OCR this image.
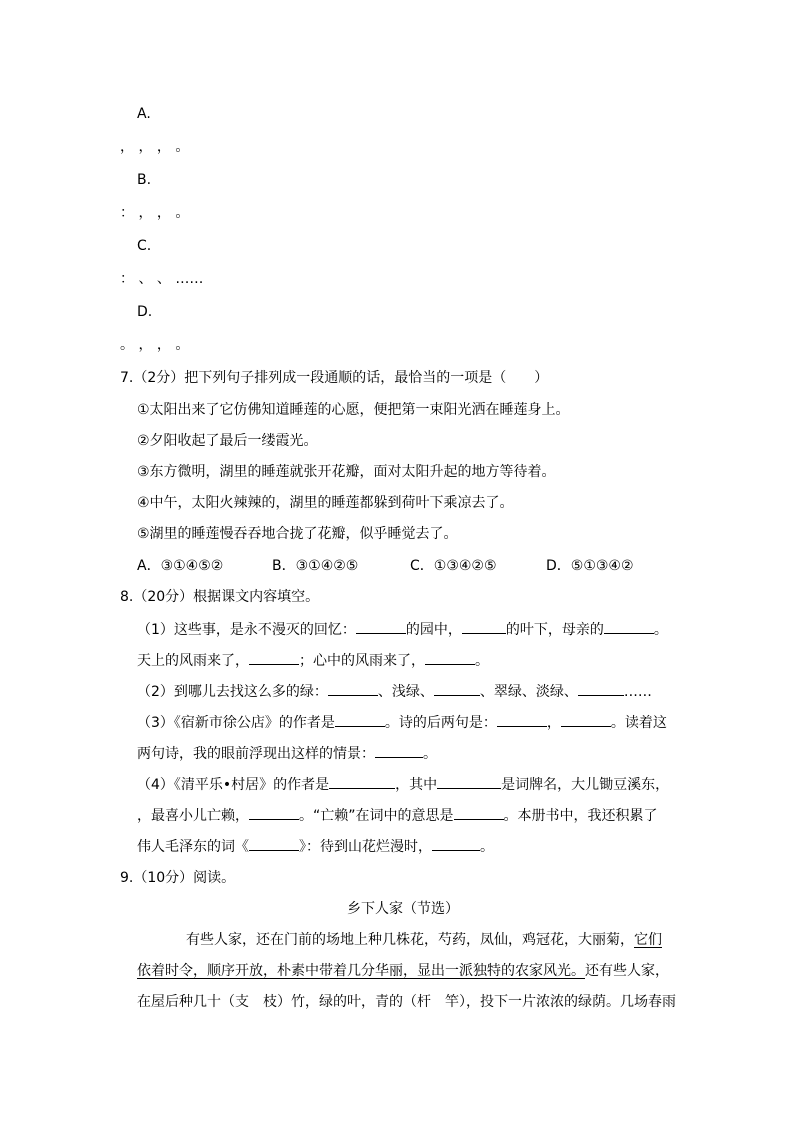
A.
， ， ， 。
B.
： ， ， 。
C.
： 、 、 ……
D.
。 ， ， 。
7.（2分）把下列句子排列成一段通顺的话，最恰当的一项是（　　）
①太阳出来了它仿佛知道睡莲的心愿，便把第一束阳光洒在睡莲身上。
②夕阳收起了最后一缕霞光。
③东方微明，湖里的睡莲就张开花瓣，面对太阳升起的地方等待着。
④中午，太阳火辣辣的，湖里的睡莲都躲到荷叶下乘凉去了。
⑤湖里的睡莲慢吞吞地合拢了花瓣，似乎睡觉去了。
A．③①④⑤②	B．③①④②⑤	C．①③④②⑤	D．⑤①③④②
8.（20分）根据课文内容填空。
（1）这些事，是永不漫灭的回忆：	的园中，	的叶下，母亲的	。
天上的风雨来了，	；心中的风雨来了，	。
（2）到哪儿去找这么多的绿：	、浅绿、	、翠绿、淡绿、	……
（3）《宿新市徐公店》的作者是	。诗的后两句是：	，	。读着这
两句诗，我的眼前浮现出这样的情景：	。
（4）《清平乐•村居》的作者是	，其中	是词牌名，大儿锄豆溪东，
，最喜小儿亡赖，	。“亡赖”在词中的意思是	。本册书中，我还积累了
伟人毛泽东的词《	》：待到山花烂漫时，	。
9.（10分）阅读。
乡下人家（节选）
有些人家，还在门前的场地上种几株花，芍药，凤仙，鸡冠花，大丽菊，它们
依着时令，顺序开放，朴素中带着几分华丽，显出一派独特的农家风光。还有些人家，
在屋后种几十（支　枝）竹，绿的叶，青的（杆　竿），投下一片浓浓的绿荫。几场春雨
